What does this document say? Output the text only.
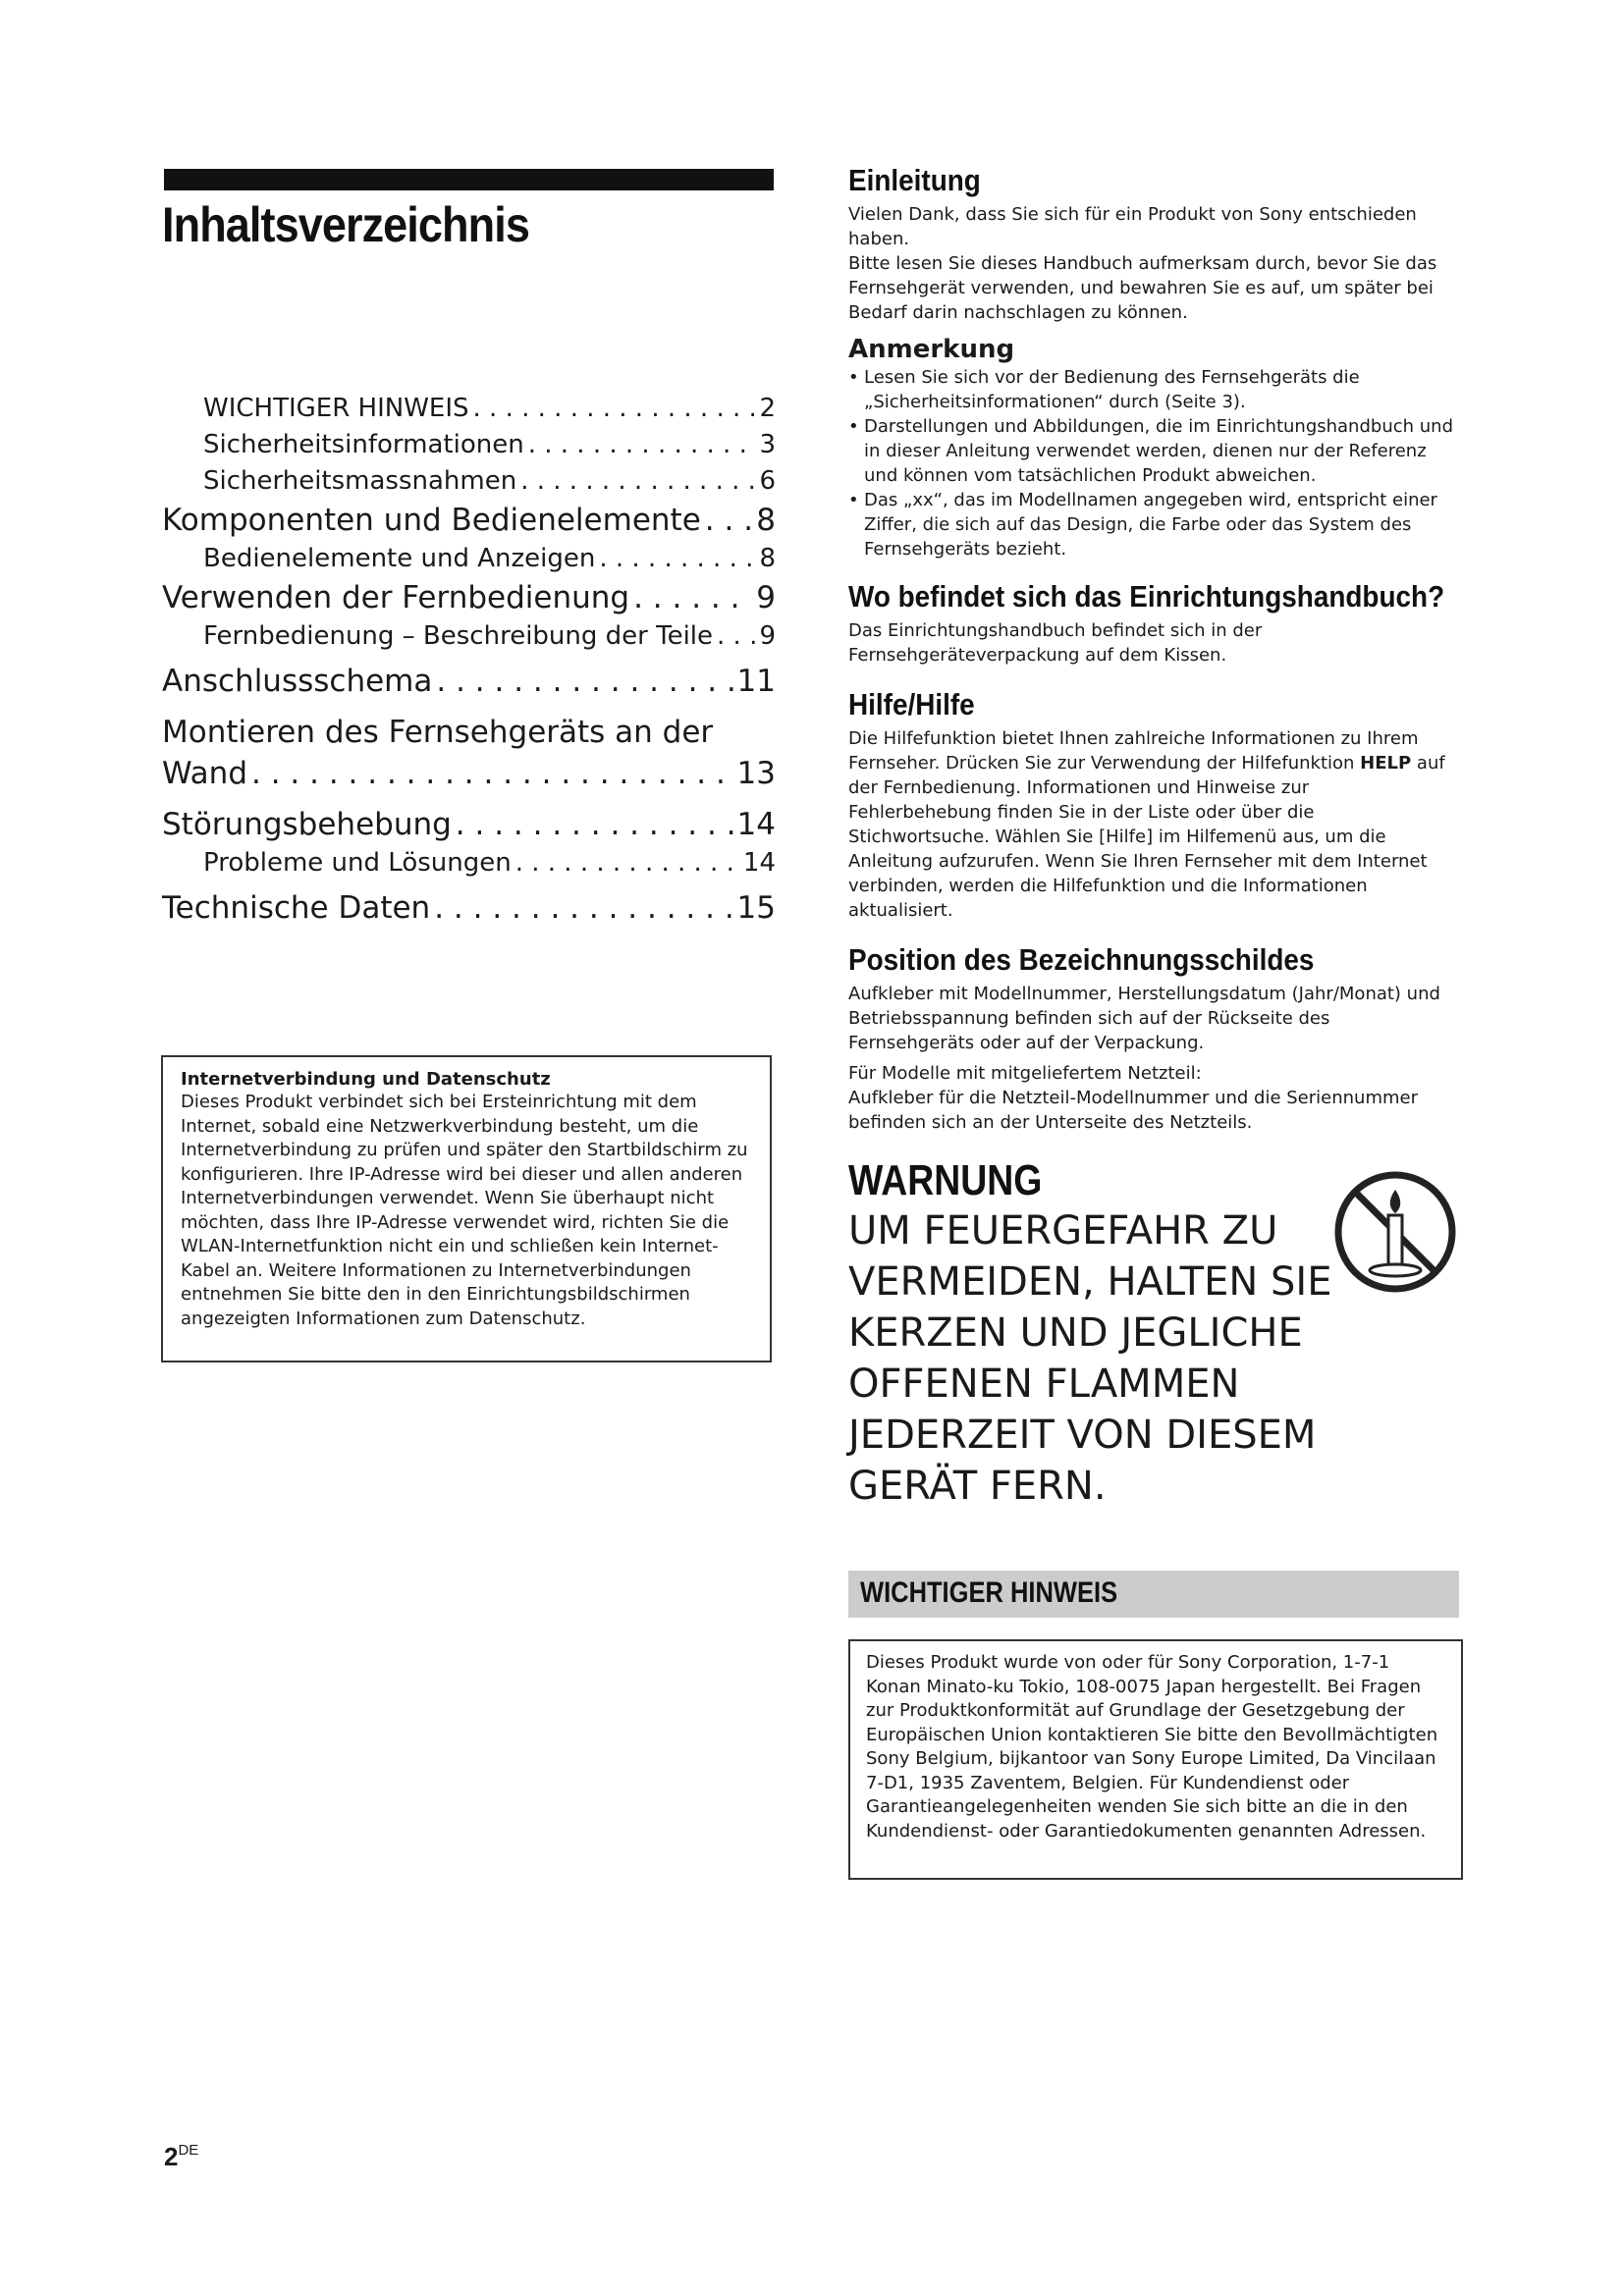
Inhaltsverzeichnis
WICHTIGER HINWEIS . . .	2
Sicherheitsinformationen . . .	3
Sicherheitsmassnahmen . . .	6
Komponenten und Bedienelemente . . . 8
Bedienelemente und Anzeigen . . .	8
Verwenden der Fernbedienung . . .	9
Fernbedienung – Beschreibung der Teile . . . 9
Anschlussschema . . .	11
Montieren des Fernsehgeräts an der
Wand . . .	13
Störungsbehebung . . .	14
Probleme und Lösungen . . .	14
Technische Daten . . .	15
Internetverbindung und Datenschutz
Dieses Produkt verbindet sich bei Ersteinrichtung mit dem Internet, sobald eine Netzwerkverbindung besteht, um die Internetverbindung zu prüfen und später den Startbildschirm zu konfigurieren. Ihre IP-Adresse wird bei dieser und allen anderen Internetverbindungen verwendet. Wenn Sie überhaupt nicht möchten, dass Ihre IP-Adresse verwendet wird, richten Sie die WLAN-Internetfunktion nicht ein und schließen kein Internet-Kabel an. Weitere Informationen zu Internetverbindungen entnehmen Sie bitte den in den Einrichtungsbildschirmen angezeigten Informationen zum Datenschutz.
2DE
Einleitung

Vielen Dank, dass Sie sich für ein Produkt von Sony entschieden haben.

Bitte lesen Sie dieses Handbuch aufmerksam durch, bevor Sie das Fernsehgerät verwenden, und bewahren Sie es auf, um später bei Bedarf darin nachschlagen zu können.

Anmerkung
• Lesen Sie sich vor der Bedienung des Fernsehgeräts die „Sicherheitsinformationen“ durch (Seite 3).
• Darstellungen und Abbildungen, die im Einrichtungshandbuch und in dieser Anleitung verwendet werden, dienen nur der Referenz und können vom tatsächlichen Produkt abweichen.
• Das „xx“, das im Modellnamen angegeben wird, entspricht einer Ziffer, die sich auf das Design, die Farbe oder das System des Fernsehgeräts bezieht.
Wo befindet sich das Einrichtungshandbuch?

Das Einrichtungshandbuch befindet sich in der Fernsehgeräteverpackung auf dem Kissen.

Hilfe/Hilfe

Die Hilfefunktion bietet Ihnen zahlreiche Informationen zu Ihrem Fernseher. Drücken Sie zur Verwendung der Hilfefunktion HELP auf der Fernbedienung. Informationen und Hinweise zur Fehlerbehebung finden Sie in der Liste oder über die Stichwortsuche. Wählen Sie [Hilfe] im Hilfemenü aus, um die Anleitung aufzurufen. Wenn Sie Ihren Fernseher mit dem Internet verbinden, werden die Hilfefunktion und die Informationen aktualisiert.

Position des Bezeichnungsschildes

Aufkleber mit Modellnummer, Herstellungsdatum (Jahr/Monat) und Betriebsspannung befinden sich auf der Rückseite des Fernsehgeräts oder auf der Verpackung.

Für Modelle mit mitgeliefertem Netzteil:

Aufkleber für die Netzteil-Modellnummer und die Seriennummer befinden sich an der Unterseite des Netzteils.

WARNUNG

UM FEUERGEFAHR ZU VERMEIDEN, HALTEN SIE KERZEN UND JEGLICHE OFFENEN FLAMMEN JEDERZEIT VON DIESEM GERÄT FERN.

WICHTIGER HINWEIS
Dieses Produkt wurde von oder für Sony Corporation, 1-7-1 Konan Minato-ku Tokio, 108-0075 Japan hergestellt. Bei Fragen zur Produktkonformität auf Grundlage der Gesetzgebung der Europäischen Union kontaktieren Sie bitte den Bevollmächtigten Sony Belgium, bijkantoor van Sony Europe Limited, Da Vincilaan 7-D1, 1935 Zaventem, Belgien. Für Kundendienst oder Garantieangelegenheiten wenden Sie sich bitte an die in den Kundendienst- oder Garantiedokumenten genannten Adressen.
